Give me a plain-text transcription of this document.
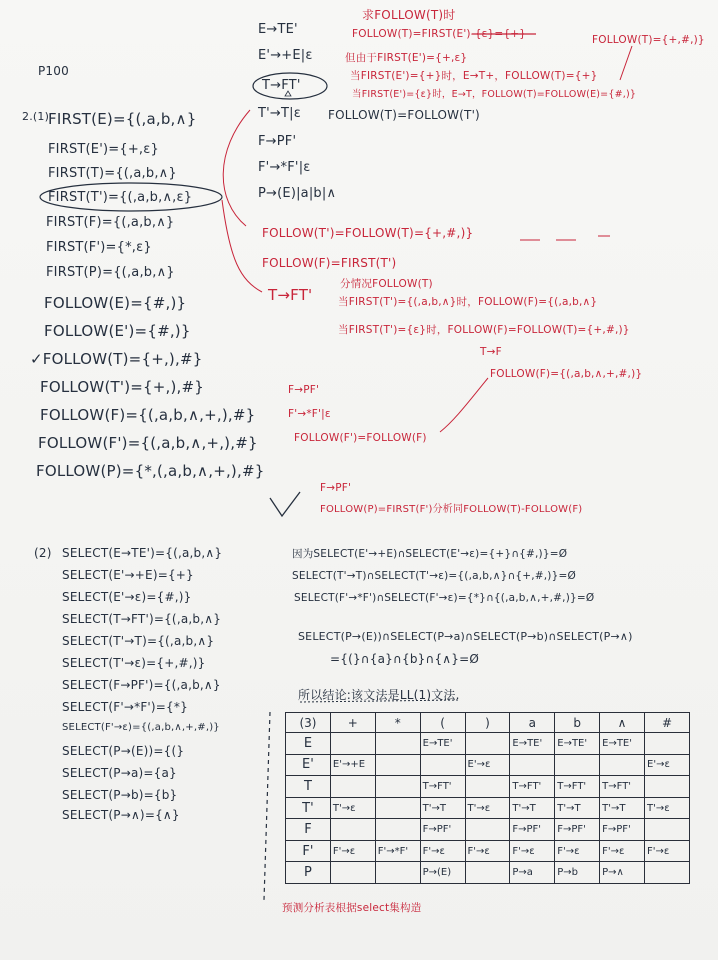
P100
2.(1)
FIRST(E)={(,a,b,∧}
FIRST(E')={+,ε}
FIRST(T)={(,a,b,∧}
FIRST(T')={(,a,b,∧,ε}
FIRST(F)={(,a,b,∧}
FIRST(F')={*,ε}
FIRST(P)={(,a,b,∧}
FOLLOW(E)={#,)}
FOLLOW(E')={#,)}
✓FOLLOW(T)={+,),#}
FOLLOW(T')={+,),#}
FOLLOW(F)={(,a,b,∧,+,),#}
FOLLOW(F')={(,a,b,∧,+,),#}
FOLLOW(P)={*,(,a,b,∧,+,),#}
E→TE'
E'→+E|ε
T→FT'
T'→T|ε
F→PF'
F'→*F'|ε
P→(E)|a|b|∧
FOLLOW(T)=FOLLOW(T')
求FOLLOW(T)时
FOLLOW(T)=FIRST(E')-{ε}={+}
但由于FIRST(E')={+,ε}
当FIRST(E')={+}时，E→T+，FOLLOW(T)={+}
当FIRST(E')={ε}时，E→T，FOLLOW(T)=FOLLOW(E)={#,)}
FOLLOW(T)={+,#,)}
FOLLOW(T')=FOLLOW(T)={+,#,)}
FOLLOW(F)=FIRST(T')
T→FT'
分情况FOLLOW(T)
当FIRST(T')={(,a,b,∧}时，FOLLOW(F)={(,a,b,∧}
当FIRST(T')={ε}时，FOLLOW(F)=FOLLOW(T)={+,#,)}
T→F
FOLLOW(F)={(,a,b,∧,+,#,)}
F→PF'
F'→*F'|ε
FOLLOW(F')=FOLLOW(F)
F→PF'
FOLLOW(P)=FIRST(F')分析同FOLLOW(T)-FOLLOW(F)
(2) SELECT(E→TE')={(,a,b,∧}
SELECT(E'→+E)={+}
SELECT(E'→ε)={#,)}
SELECT(T→FT')={(,a,b,∧}
SELECT(T'→T)={(,a,b,∧}
SELECT(T'→ε)={+,#,)}
SELECT(F→PF')={(,a,b,∧}
SELECT(F'→*F')={*}
SELECT(F'→ε)={(,a,b,∧,+,#,)}
SELECT(P→(E))={(}
SELECT(P→a)={a}
SELECT(P→b)={b}
SELECT(P→∧)={∧}
因为SELECT(E'→+E)∩SELECT(E'→ε)={+}∩{#,)}=Ø
SELECT(T'→T)∩SELECT(T'→ε)={(,a,b,∧}∩{+,#,)}=Ø
SELECT(F'→*F')∩SELECT(F'→ε)={*}∩{(,a,b,∧,+,#,)}=Ø
SELECT(P→(E))∩SELECT(P→a)∩SELECT(P→b)∩SELECT(P→∧)
={(}∩{a}∩{b}∩{∧}=Ø
所以结论:该文法是LL(1)文法.
(3)	+	*	(	)	a	b	∧	#
E			E→TE'		E→TE'	E→TE'	E→TE'	
E'	E'→+E			E'→ε				E'→ε
T			T→FT'		T→FT'	T→FT'	T→FT'	
T'	T'→ε		T'→T	T'→ε	T'→T	T'→T	T'→T	T'→ε
F			F→PF'		F→PF'	F→PF'	F→PF'	
F'	F'→ε	F'→*F'	F'→ε	F'→ε	F'→ε	F'→ε	F'→ε	F'→ε
P			P→(E)		P→a	P→b	P→∧	
预测分析表根据select集构造
